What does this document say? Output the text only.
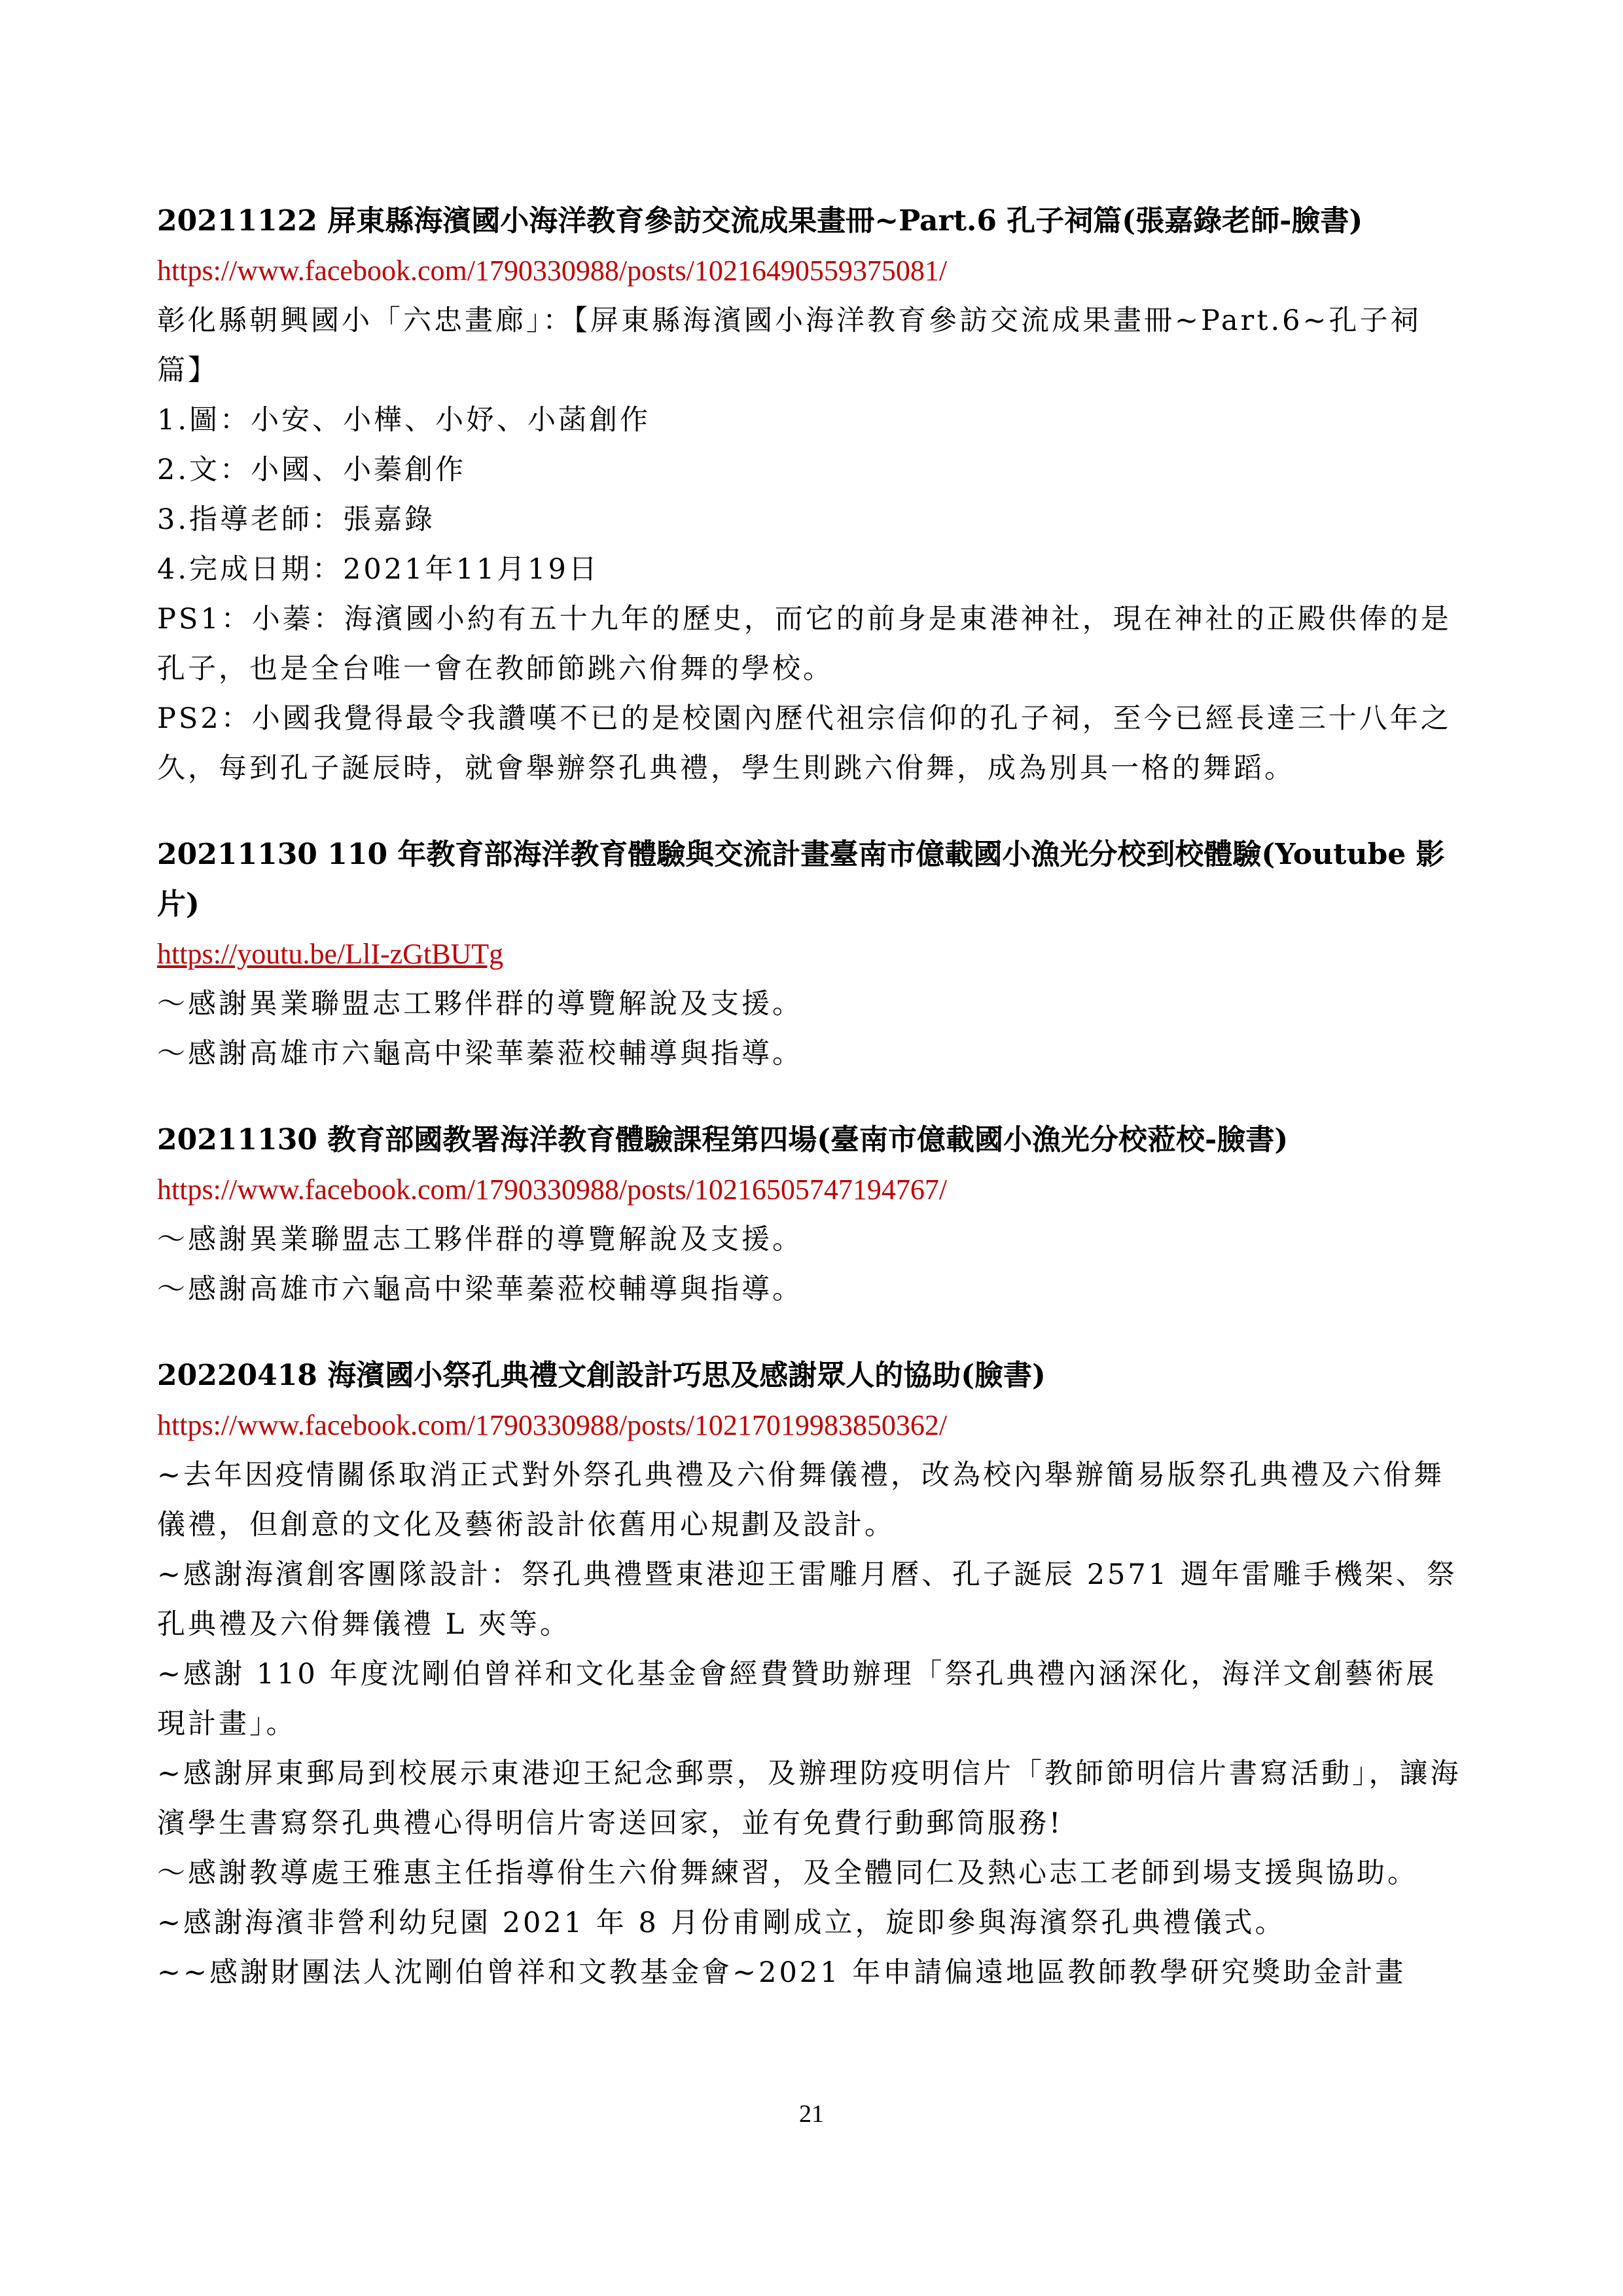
20211122 屏東縣海濱國小海洋教育參訪交流成果畫冊~Part.6 孔子祠篇(張嘉錄老師-臉書)

https://www.facebook.com/1790330988/posts/10216490559375081/

彰化縣朝興國小「六忠畫廊」：【屏東縣海濱國小海洋教育參訪交流成果畫冊~Part.6~孔子祠篇】

1.圖：小安、小樺、小妤、小菡創作

2.文：小國、小蓁創作

3.指導老師：張嘉錄

4.完成日期：2021年11月19日

PS1：小蓁：海濱國小約有五十九年的歷史，而它的前身是東港神社，現在神社的正殿供俸的是孔子，也是全台唯一會在教師節跳六佾舞的學校。

PS2：小國我覺得最令我讚嘆不已的是校園內歷代祖宗信仰的孔子祠，至今已經長達三十八年之久，每到孔子誕辰時，就會舉辦祭孔典禮，學生則跳六佾舞，成為別具一格的舞蹈。

20211130 110 年教育部海洋教育體驗與交流計畫臺南市億載國小漁光分校到校體驗(Youtube 影片)

https://youtu.be/LlI-zGtBUTg

〜感謝異業聯盟志工夥伴群的導覽解說及支援。

〜感謝高雄市六龜高中梁華蓁蒞校輔導與指導。

20211130 教育部國教署海洋教育體驗課程第四場(臺南市億載國小漁光分校蒞校-臉書)

https://www.facebook.com/1790330988/posts/10216505747194767/

〜感謝異業聯盟志工夥伴群的導覽解說及支援。

〜感謝高雄市六龜高中梁華蓁蒞校輔導與指導。

20220418 海濱國小祭孔典禮文創設計巧思及感謝眾人的協助(臉書)

https://www.facebook.com/1790330988/posts/10217019983850362/

~去年因疫情關係取消正式對外祭孔典禮及六佾舞儀禮，改為校內舉辦簡易版祭孔典禮及六佾舞儀禮，但創意的文化及藝術設計依舊用心規劃及設計。

~感謝海濱創客團隊設計：祭孔典禮暨東港迎王雷雕月曆、孔子誕辰 2571 週年雷雕手機架、祭孔典禮及六佾舞儀禮 L 夾等。

~感謝 110 年度沈剛伯曾祥和文化基金會經費贊助辦理「祭孔典禮內涵深化，海洋文創藝術展現計畫」。

~感謝屏東郵局到校展示東港迎王紀念郵票，及辦理防疫明信片「教師節明信片書寫活動」，讓海濱學生書寫祭孔典禮心得明信片寄送回家，並有免費行動郵筒服務!

〜感謝教導處王雅惠主任指導佾生六佾舞練習，及全體同仁及熱心志工老師到場支援與協助。

~感謝海濱非營利幼兒園 2021 年 8 月份甫剛成立，旋即參與海濱祭孔典禮儀式。

~~感謝財團法人沈剛伯曾祥和文教基金會~2021 年申請偏遠地區教師教學研究獎助金計畫

21
